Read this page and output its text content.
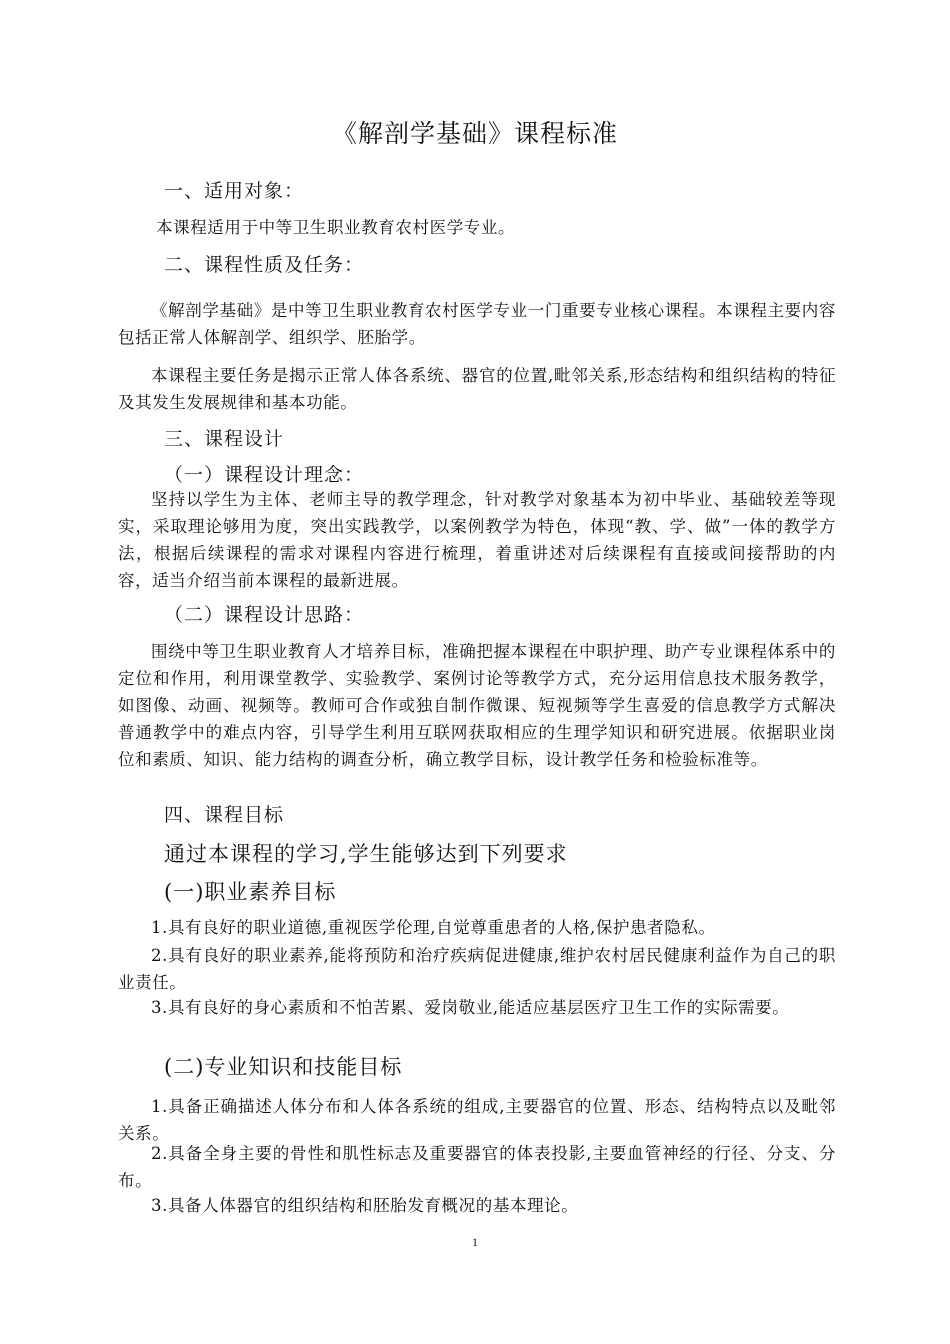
《解剖学基础》课程标准
一、适用对象：
本课程适用于中等卫生职业教育农村医学专业。
二、课程性质及任务：
《解剖学基础》是中等卫生职业教育农村医学专业一门重要专业核心课程。本课程主要内容包括正常人体解剖学、组织学、胚胎学。
本课程主要任务是揭示正常人体各系统、器官的位置,毗邻关系,形态结构和组织结构的特征及其发生发展规律和基本功能。
三、课程设计
（一）课程设计理念：
坚持以学生为主体、老师主导的教学理念，针对教学对象基本为初中毕业、基础较差等现实，采取理论够用为度，突出实践教学，以案例教学为特色，体现“教、学、做”一体的教学方法，根据后续课程的需求对课程内容进行梳理，着重讲述对后续课程有直接或间接帮助的内容，适当介绍当前本课程的最新进展。
（二）课程设计思路：
围绕中等卫生职业教育人才培养目标，准确把握本课程在中职护理、助产专业课程体系中的定位和作用，利用课堂教学、实验教学、案例讨论等教学方式，充分运用信息技术服务教学，如图像、动画、视频等。教师可合作或独自制作微课、短视频等学生喜爱的信息教学方式解决普通教学中的难点内容，引导学生利用互联网获取相应的生理学知识和研究进展。依据职业岗位和素质、知识、能力结构的调查分析，确立教学目标，设计教学任务和检验标准等。
四、课程目标
通过本课程的学习,学生能够达到下列要求
(一)职业素养目标
1.具有良好的职业道德,重视医学伦理,自觉尊重患者的人格,保护患者隐私。
2.具有良好的职业素养,能将预防和治疗疾病促进健康,维护农村居民健康利益作为自己的职业责任。
3.具有良好的身心素质和不怕苦累、爱岗敬业,能适应基层医疗卫生工作的实际需要。
(二)专业知识和技能目标
1.具备正确描述人体分布和人体各系统的组成,主要器官的位置、形态、结构特点以及毗邻关系。
2.具备全身主要的骨性和肌性标志及重要器官的体表投影,主要血管神经的行径、分支、分布。
3.具备人体器官的组织结构和胚胎发育概况的基本理论。
1
